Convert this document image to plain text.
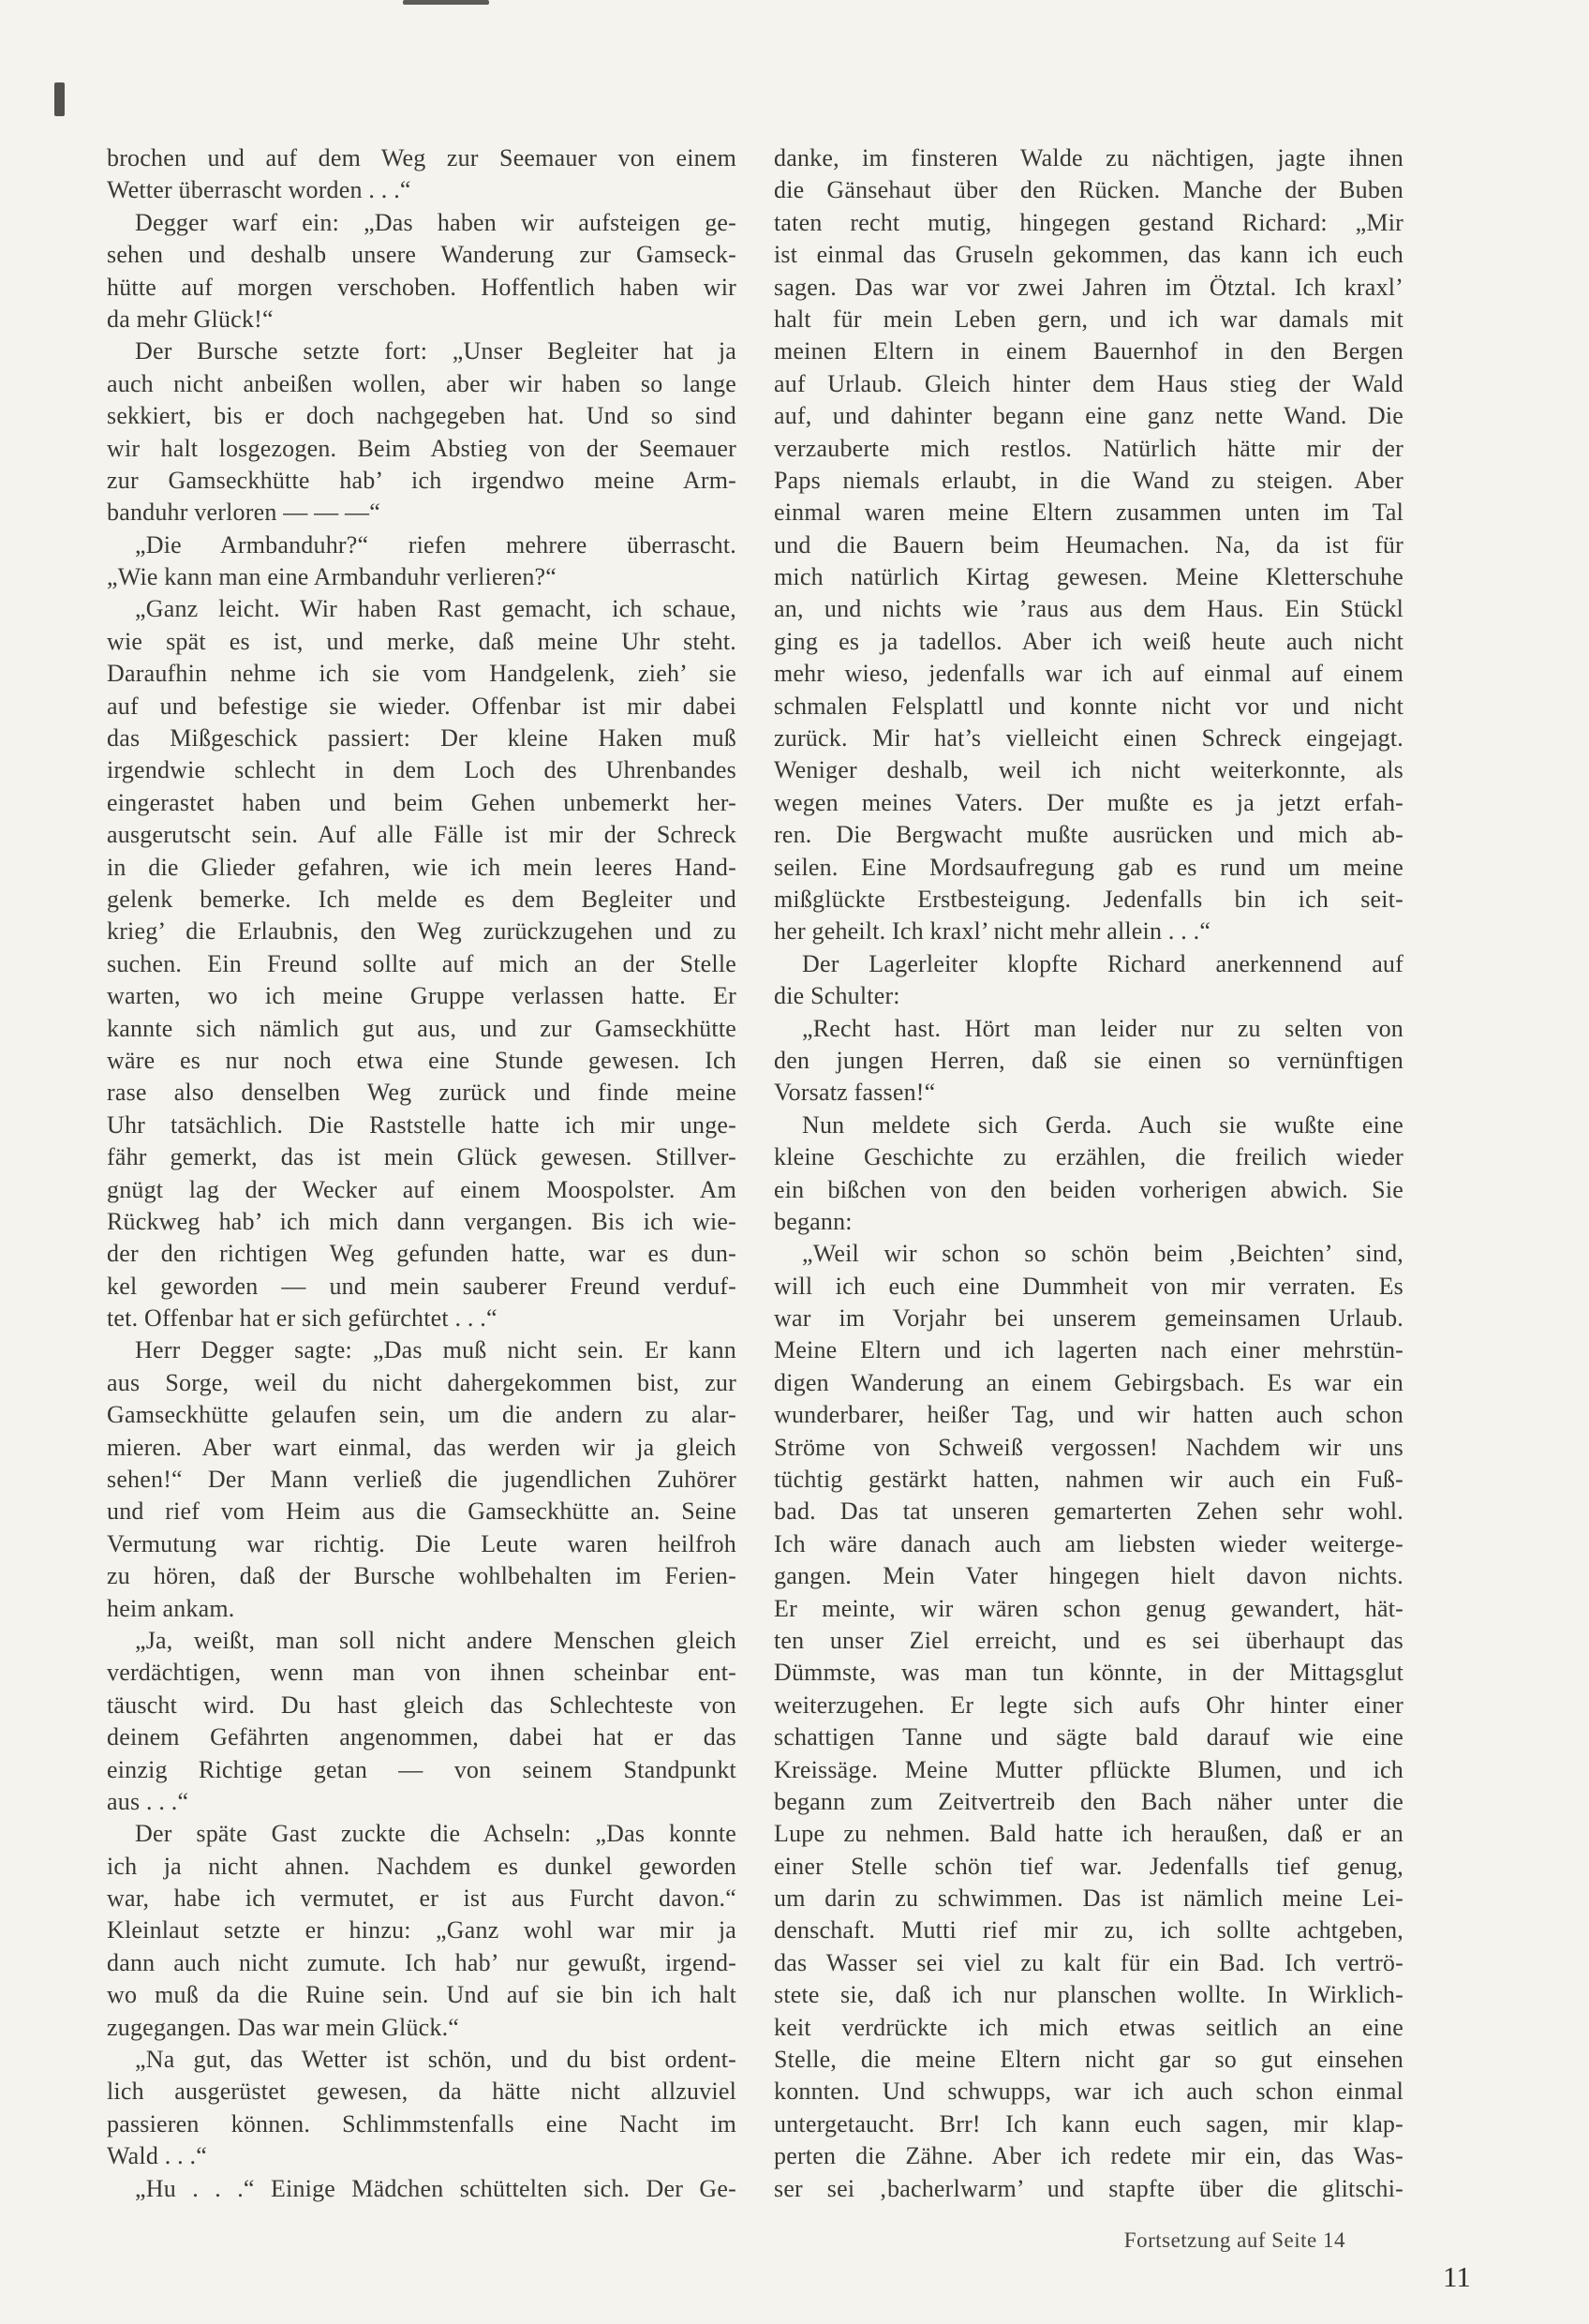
brochen und auf dem Weg zur Seemauer von einem
Wetter überrascht worden . . .“
Degger warf ein: „Das haben wir aufsteigen ge-
sehen und deshalb unsere Wanderung zur Gamseck-
hütte auf morgen verschoben. Hoffentlich haben wir
da mehr Glück!“
Der Bursche setzte fort: „Unser Begleiter hat ja
auch nicht anbeißen wollen, aber wir haben so lange
sekkiert, bis er doch nachgegeben hat. Und so sind
wir halt losgezogen. Beim Abstieg von der Seemauer
zur Gamseckhütte hab’ ich irgendwo meine Arm-
banduhr verloren — — —“
„Die Armbanduhr?“ riefen mehrere überrascht.
„Wie kann man eine Armbanduhr verlieren?“
„Ganz leicht. Wir haben Rast gemacht, ich schaue,
wie spät es ist, und merke, daß meine Uhr steht.
Daraufhin nehme ich sie vom Handgelenk, zieh’ sie
auf und befestige sie wieder. Offenbar ist mir dabei
das Mißgeschick passiert: Der kleine Haken muß
irgendwie schlecht in dem Loch des Uhrenbandes
eingerastet haben und beim Gehen unbemerkt her-
ausgerutscht sein. Auf alle Fälle ist mir der Schreck
in die Glieder gefahren, wie ich mein leeres Hand-
gelenk bemerke. Ich melde es dem Begleiter und
krieg’ die Erlaubnis, den Weg zurückzugehen und zu
suchen. Ein Freund sollte auf mich an der Stelle
warten, wo ich meine Gruppe verlassen hatte. Er
kannte sich nämlich gut aus, und zur Gamseckhütte
wäre es nur noch etwa eine Stunde gewesen. Ich
rase also denselben Weg zurück und finde meine
Uhr tatsächlich. Die Raststelle hatte ich mir unge-
fähr gemerkt, das ist mein Glück gewesen. Stillver-
gnügt lag der Wecker auf einem Moospolster. Am
Rückweg hab’ ich mich dann vergangen. Bis ich wie-
der den richtigen Weg gefunden hatte, war es dun-
kel geworden — und mein sauberer Freund verduf-
tet. Offenbar hat er sich gefürchtet . . .“
Herr Degger sagte: „Das muß nicht sein. Er kann
aus Sorge, weil du nicht dahergekommen bist, zur
Gamseckhütte gelaufen sein, um die andern zu alar-
mieren. Aber wart einmal, das werden wir ja gleich
sehen!“ Der Mann verließ die jugendlichen Zuhörer
und rief vom Heim aus die Gamseckhütte an. Seine
Vermutung war richtig. Die Leute waren heilfroh
zu hören, daß der Bursche wohlbehalten im Ferien-
heim ankam.
„Ja, weißt, man soll nicht andere Menschen gleich
verdächtigen, wenn man von ihnen scheinbar ent-
täuscht wird. Du hast gleich das Schlechteste von
deinem Gefährten angenommen, dabei hat er das
einzig Richtige getan — von seinem Standpunkt
aus . . .“
Der späte Gast zuckte die Achseln: „Das konnte
ich ja nicht ahnen. Nachdem es dunkel geworden
war, habe ich vermutet, er ist aus Furcht davon.“
Kleinlaut setzte er hinzu: „Ganz wohl war mir ja
dann auch nicht zumute. Ich hab’ nur gewußt, irgend-
wo muß da die Ruine sein. Und auf sie bin ich halt
zugegangen. Das war mein Glück.“
„Na gut, das Wetter ist schön, und du bist ordent-
lich ausgerüstet gewesen, da hätte nicht allzuviel
passieren können. Schlimmstenfalls eine Nacht im
Wald . . .“
„Hu . . .“ Einige Mädchen schüttelten sich. Der Ge-
danke, im finsteren Walde zu nächtigen, jagte ihnen
die Gänsehaut über den Rücken. Manche der Buben
taten recht mutig, hingegen gestand Richard: „Mir
ist einmal das Gruseln gekommen, das kann ich euch
sagen. Das war vor zwei Jahren im Ötztal. Ich kraxl’
halt für mein Leben gern, und ich war damals mit
meinen Eltern in einem Bauernhof in den Bergen
auf Urlaub. Gleich hinter dem Haus stieg der Wald
auf, und dahinter begann eine ganz nette Wand. Die
verzauberte mich restlos. Natürlich hätte mir der
Paps niemals erlaubt, in die Wand zu steigen. Aber
einmal waren meine Eltern zusammen unten im Tal
und die Bauern beim Heumachen. Na, da ist für
mich natürlich Kirtag gewesen. Meine Kletterschuhe
an, und nichts wie ’raus aus dem Haus. Ein Stückl
ging es ja tadellos. Aber ich weiß heute auch nicht
mehr wieso, jedenfalls war ich auf einmal auf einem
schmalen Felsplattl und konnte nicht vor und nicht
zurück. Mir hat’s vielleicht einen Schreck eingejagt.
Weniger deshalb, weil ich nicht weiterkonnte, als
wegen meines Vaters. Der mußte es ja jetzt erfah-
ren. Die Bergwacht mußte ausrücken und mich ab-
seilen. Eine Mordsaufregung gab es rund um meine
mißglückte Erstbesteigung. Jedenfalls bin ich seit-
her geheilt. Ich kraxl’ nicht mehr allein . . .“
Der Lagerleiter klopfte Richard anerkennend auf
die Schulter:
„Recht hast. Hört man leider nur zu selten von
den jungen Herren, daß sie einen so vernünftigen
Vorsatz fassen!“
Nun meldete sich Gerda. Auch sie wußte eine
kleine Geschichte zu erzählen, die freilich wieder
ein bißchen von den beiden vorherigen abwich. Sie
begann:
„Weil wir schon so schön beim ‚Beichten’ sind,
will ich euch eine Dummheit von mir verraten. Es
war im Vorjahr bei unserem gemeinsamen Urlaub.
Meine Eltern und ich lagerten nach einer mehrstün-
digen Wanderung an einem Gebirgsbach. Es war ein
wunderbarer, heißer Tag, und wir hatten auch schon
Ströme von Schweiß vergossen! Nachdem wir uns
tüchtig gestärkt hatten, nahmen wir auch ein Fuß-
bad. Das tat unseren gemarterten Zehen sehr wohl.
Ich wäre danach auch am liebsten wieder weiterge-
gangen. Mein Vater hingegen hielt davon nichts.
Er meinte, wir wären schon genug gewandert, hät-
ten unser Ziel erreicht, und es sei überhaupt das
Dümmste, was man tun könnte, in der Mittagsglut
weiterzugehen. Er legte sich aufs Ohr hinter einer
schattigen Tanne und sägte bald darauf wie eine
Kreissäge. Meine Mutter pflückte Blumen, und ich
begann zum Zeitvertreib den Bach näher unter die
Lupe zu nehmen. Bald hatte ich heraußen, daß er an
einer Stelle schön tief war. Jedenfalls tief genug,
um darin zu schwimmen. Das ist nämlich meine Lei-
denschaft. Mutti rief mir zu, ich sollte achtgeben,
das Wasser sei viel zu kalt für ein Bad. Ich vertrö-
stete sie, daß ich nur planschen wollte. In Wirklich-
keit verdrückte ich mich etwas seitlich an eine
Stelle, die meine Eltern nicht gar so gut einsehen
konnten. Und schwupps, war ich auch schon einmal
untergetaucht. Brr! Ich kann euch sagen, mir klap-
perten die Zähne. Aber ich redete mir ein, das Was-
ser sei ‚bacherlwarm’ und stapfte über die glitschi-
Fortsetzung auf Seite 14
11
